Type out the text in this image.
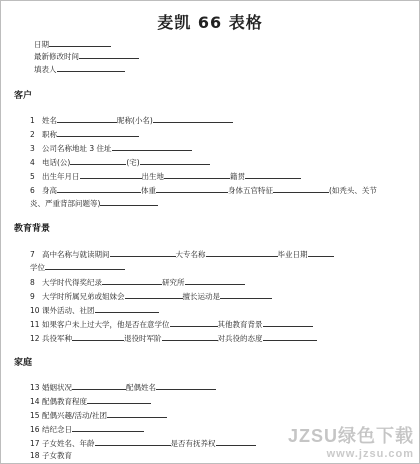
麦凯 66 表格
日期
最新修改时间
填表人
客户
1 姓名	昵称(小名)
2 职称
3 公司名称地址 3 住址
4 电话(公)	(宅)
5 出生年月日	出生地	籍贯
6 身高	体重	身体五官特征	(如秃头、关节
炎、严重背部问题等)
教育背景
7 高中名称与就读期间	大专名称	毕业日期
学位
8 大学时代得奖纪录	研究所
9 大学时所属兄弟或姐妹会	擅长运动是
10 课外活动、社团
11 如果客户未上过大学，他是否在意学位	其他教育背景
12 兵役军种	退役时军阶	对兵役的态度
家庭
13 婚姻状况	配偶姓名
14 配偶教育程度
15 配偶兴趣/活动/社团
16 结纪念日
17 子女姓名、年龄	是否有抚养权
18 子女教育
JZSU绿色下载
www.jzsu.com
